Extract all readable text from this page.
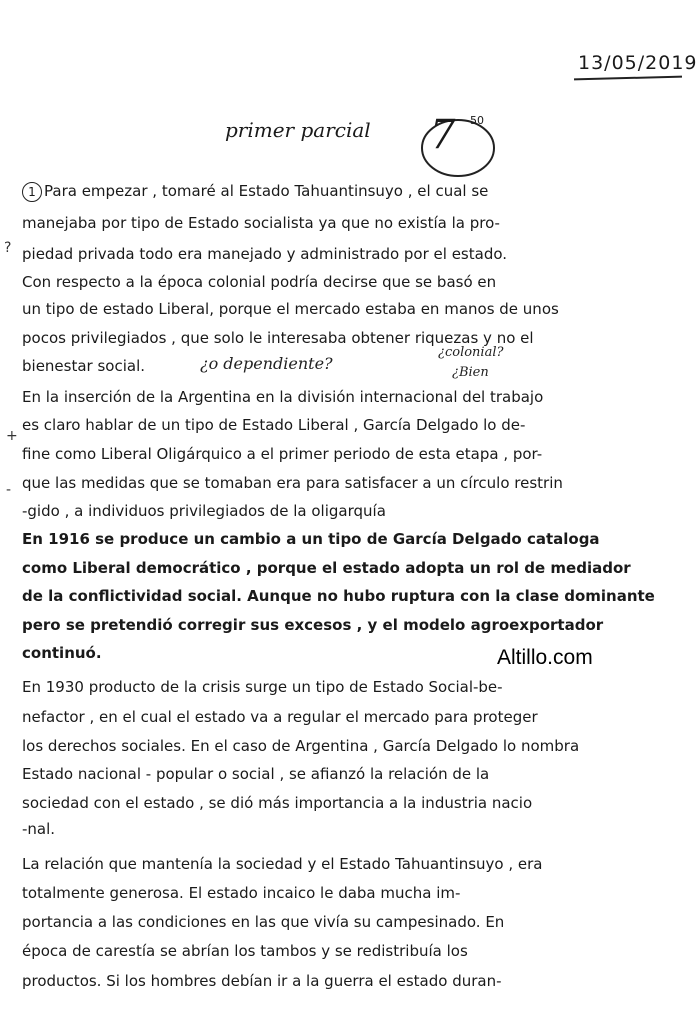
13/05/2019
primer parcial 7 50
?
+
-
1 Para empezar , tomaré al Estado Tahuantinsuyo , el cual se
manejaba por tipo de Estado socialista ya que no existía la pro-
piedad privada todo era manejado y administrado por el estado.
Con respecto a la época colonial podría decirse que se basó en
un tipo de estado Liberal, porque el mercado estaba en manos de unos
pocos privilegiados , que solo le interesaba obtener riquezas y no el
bienestar social.	¿o dependiente?
¿colonial?
¿Bien
En la inserción de la Argentina en la división internacional del trabajo
es claro hablar de un tipo de Estado Liberal , García Delgado lo de-
fine como Liberal Oligárquico a el primer periodo de esta etapa , por-
que las medidas que se tomaban era para satisfacer a un círculo restrin
-gido , a individuos privilegiados de la oligarquía
En 1916 se produce un cambio a un tipo de García Delgado cataloga
como Liberal democrático , porque el estado adopta un rol de mediador
de la conflictividad social. Aunque no hubo ruptura con la clase dominante
pero se pretendió corregir sus excesos , y el modelo agroexportador
continuó.	Altillo.com
En 1930 producto de la crisis surge un tipo de Estado Social-be-
nefactor , en el cual el estado va a regular el mercado para proteger
los derechos sociales. En el caso de Argentina , García Delgado lo nombra
Estado nacional - popular o social , se afianzó la relación de la
sociedad con el estado , se dió más importancia a la industria nacio
-nal.
La relación que mantenía la sociedad y el Estado Tahuantinsuyo , era
totalmente generosa. El estado incaico le daba mucha im-
portancia a las condiciones en las que vivía su campesinado. En
época de carestía se abrían los tambos y se redistribuía los
productos. Si los hombres debían ir a la guerra el estado duran-
